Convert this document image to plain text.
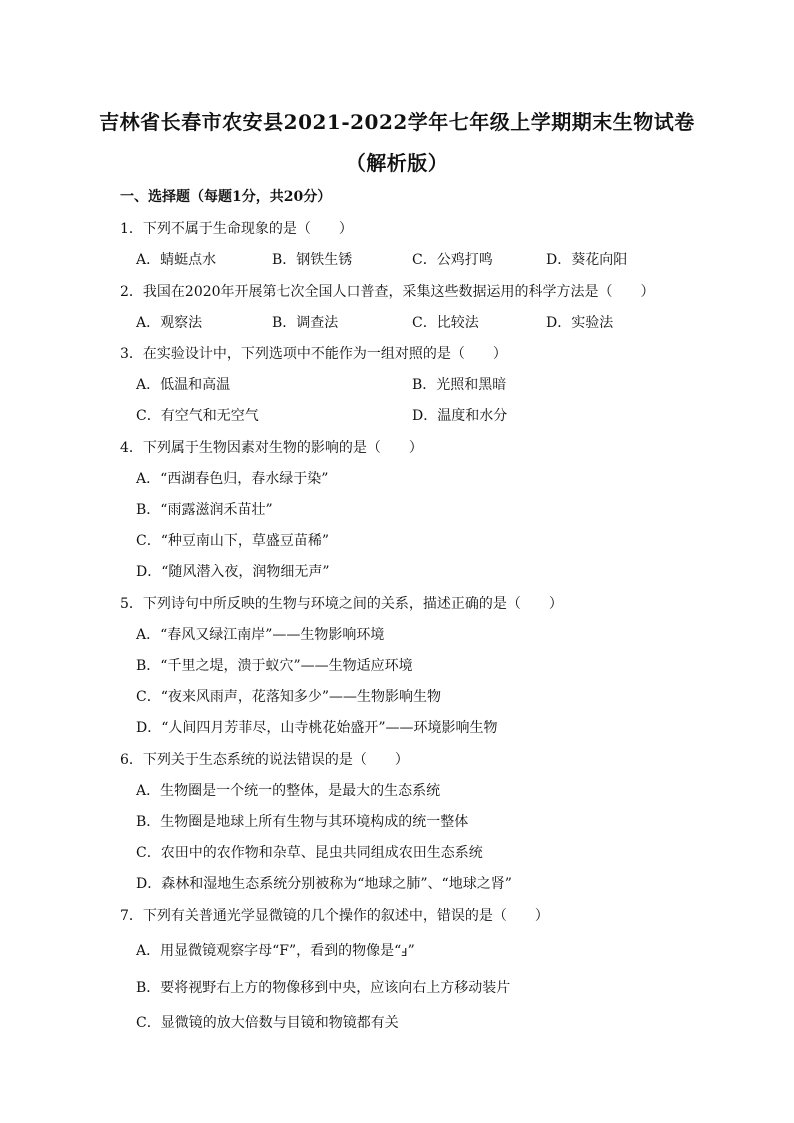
吉林省长春市农安县2021-2022学年七年级上学期期末生物试卷
（解析版）
一、选择题（每题1分，共20分）
1．下列不属于生命现象的是（　　）
A．蜻蜓点水	B．钢铁生锈	C．公鸡打鸣	D．葵花向阳
2．我国在2020年开展第七次全国人口普查，采集这些数据运用的科学方法是（　　）
A．观察法	B．调查法	C．比较法	D．实验法
3．在实验设计中，下列选项中不能作为一组对照的是（　　）
A．低温和高温	B．光照和黑暗
C．有空气和无空气	D．温度和水分
4．下列属于生物因素对生物的影响的是（　　）
A．“西湖春色归，春水绿于染”
B．“雨露滋润禾苗壮”
C．“种豆南山下，草盛豆苗稀”
D．“随风潜入夜，润物细无声”
5．下列诗句中所反映的生物与环境之间的关系，描述正确的是（　　）
A．“春风又绿江南岸”——生物影响环境
B．“千里之堤，溃于蚁穴”——生物适应环境
C．“夜来风雨声，花落知多少”——生物影响生物
D．“人间四月芳菲尽，山寺桃花始盛开”——环境影响生物
6．下列关于生态系统的说法错误的是（　　）
A．生物圈是一个统一的整体，是最大的生态系统
B．生物圈是地球上所有生物与其环境构成的统一整体
C．农田中的农作物和杂草、昆虫共同组成农田生态系统
D．森林和湿地生态系统分别被称为“地球之肺”、“地球之肾”
7．下列有关普通光学显微镜的几个操作的叙述中，错误的是（　　）
A．用显微镜观察字母“F”，看到的物像是“F”
B．要将视野右上方的物像移到中央，应该向右上方移动装片
C．显微镜的放大倍数与目镜和物镜都有关
